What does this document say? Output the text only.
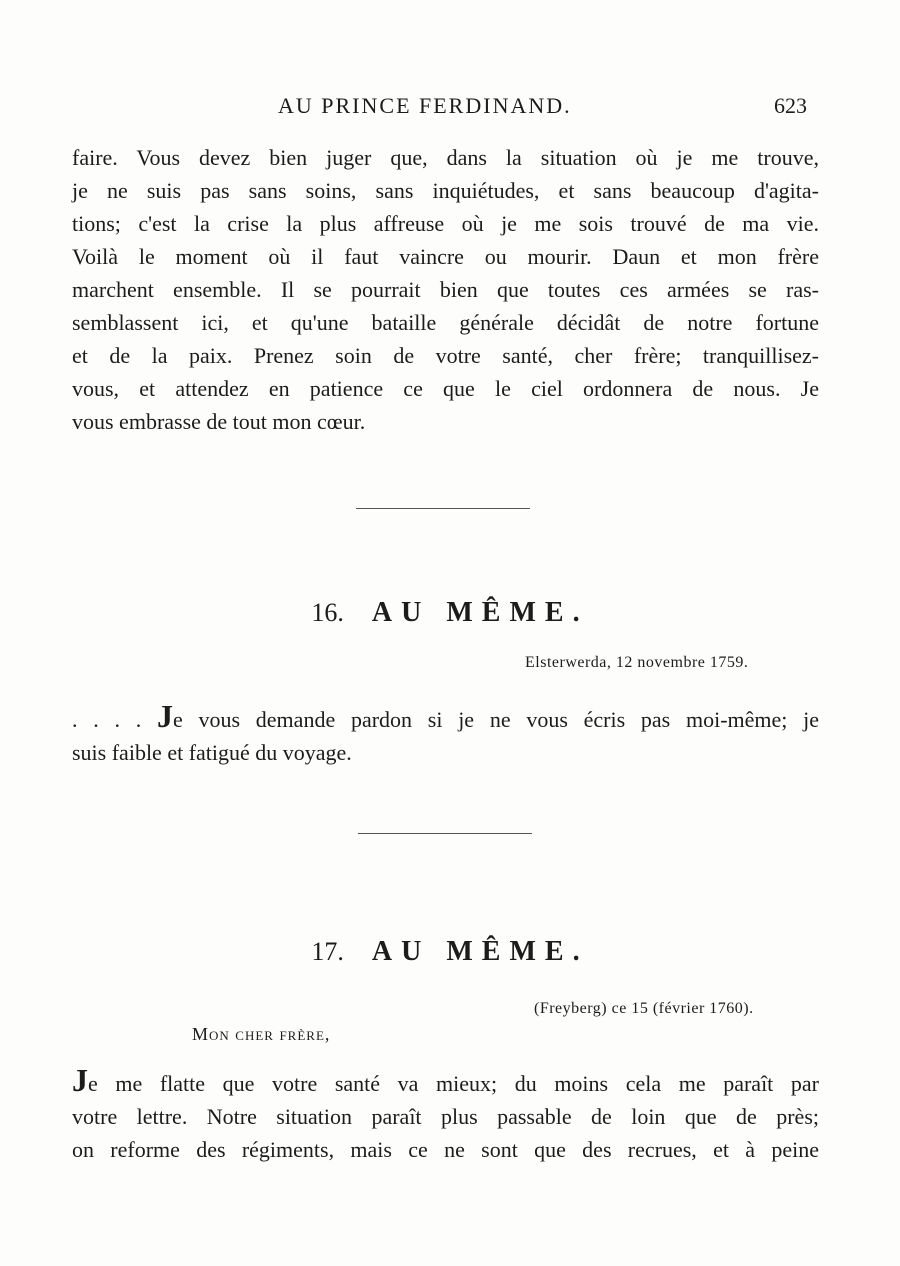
AU PRINCE FERDINAND.	623
faire. Vous devez bien juger que, dans la situation où je me trouve,
je ne suis pas sans soins, sans inquiétudes, et sans beaucoup d'agita-
tions; c'est la crise la plus affreuse où je me sois trouvé de ma vie.
Voilà le moment où il faut vaincre ou mourir. Daun et mon frère
marchent ensemble. Il se pourrait bien que toutes ces armées se ras-
semblassent ici, et qu'une bataille générale décidât de notre fortune
et de la paix. Prenez soin de votre santé, cher frère; tranquillisez-
vous, et attendez en patience ce que le ciel ordonnera de nous. Je
vous embrasse de tout mon cœur.
16. AU MÊME.
Elsterwerda, 12 novembre 1759.
. . . . Je vous demande pardon si je ne vous écris pas moi-même; je
suis faible et fatigué du voyage.
17. AU MÊME.
(Freyberg) ce 15 (février 1760).
Mon cher frère,
Je me flatte que votre santé va mieux; du moins cela me paraît par
votre lettre. Notre situation paraît plus passable de loin que de près;
on reforme des régiments, mais ce ne sont que des recrues, et à peine
